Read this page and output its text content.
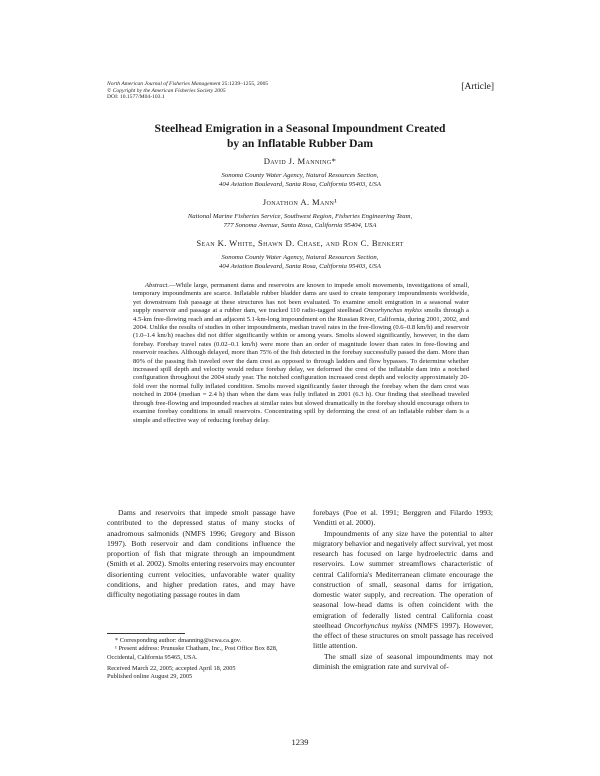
North American Journal of Fisheries Management 25:1239–1255, 2005
© Copyright by the American Fisheries Society 2005
DOI: 10.1577/M04-103.1
[Article]
Steelhead Emigration in a Seasonal Impoundment Created
by an Inflatable Rubber Dam
David J. Manning*
Sonoma County Water Agency, Natural Resources Section,
404 Aviation Boulevard, Santa Rosa, California 95403, USA
Jonathon A. Mann¹
National Marine Fisheries Service, Southwest Region, Fisheries Engineering Team,
777 Sonoma Avenue, Santa Rosa, California 95404, USA
Sean K. White, Shawn D. Chase, and Ron C. Benkert
Sonoma County Water Agency, Natural Resources Section,
404 Aviation Boulevard, Santa Rosa, California 95403, USA
Abstract.—While large, permanent dams and reservoirs are known to impede smolt movements, investigations of small, temporary impoundments are scarce. Inflatable rubber bladder dams are used to create temporary impoundments worldwide, yet downstream fish passage at these structures has not been evaluated. To examine smolt emigration in a seasonal water supply reservoir and passage at a rubber dam, we tracked 110 radio-tagged steelhead Oncorhynchus mykiss smolts through a 4.5-km free-flowing reach and an adjacent 5.1-km-long impoundment on the Russian River, California, during 2001, 2002, and 2004. Unlike the results of studies in other impoundments, median travel rates in the free-flowing (0.6–0.8 km/h) and reservoir (1.0–1.4 km/h) reaches did not differ significantly within or among years. Smolts slowed significantly, however, in the dam forebay. Forebay travel rates (0.02–0.1 km/h) were more than an order of magnitude lower than rates in free-flowing and reservoir reaches. Although delayed, more than 75% of the fish detected in the forebay successfully passed the dam. More than 80% of the passing fish traveled over the dam crest as opposed to through ladders and flow bypasses. To determine whether increased spill depth and velocity would reduce forebay delay, we deformed the crest of the inflatable dam into a notched configuration throughout the 2004 study year. The notched configuration increased crest depth and velocity approximately 20-fold over the normal fully inflated condition. Smolts moved significantly faster through the forebay when the dam crest was notched in 2004 (median = 2.4 h) than when the dam was fully inflated in 2001 (6.3 h). Our finding that steelhead traveled through free-flowing and impounded reaches at similar rates but slowed dramatically in the forebay should encourage others to examine forebay conditions in small reservoirs. Concentrating spill by deforming the crest of an inflatable rubber dam is a simple and effective way of reducing forebay delay.

Dams and reservoirs that impede smolt passage have contributed to the depressed status of many stocks of anadromous salmonids (NMFS 1996; Gregory and Bisson 1997). Both reservoir and dam conditions influence the proportion of fish that migrate through an impoundment (Smith et al. 2002). Smolts entering reservoirs may encounter disorienting current velocities, unfavorable water quality conditions, and higher predation rates, and may have difficulty negotiating passage routes in dam

forebays (Poe et al. 1991; Berggren and Filardo 1993; Venditti et al. 2000).

Impoundments of any size have the potential to alter migratory behavior and negatively affect survival, yet most research has focused on large hydroelectric dams and reservoirs. Low summer streamflows characteristic of central California's Mediterranean climate encourage the construction of small, seasonal dams for irrigation, domestic water supply, and recreation. The operation of seasonal low-head dams is often coincident with the emigration of federally listed central California coast steelhead Oncorhynchus mykiss (NMFS 1997). However, the effect of these structures on smolt passage has received little attention.

The small size of seasonal impoundments may not diminish the emigration rate and survival of-

* Corresponding author: dmanning@scwa.ca.gov.

¹ Present address: Prunuske Chatham, Inc., Post Office Box 828, Occidental, California 95465, USA.

Received March 22, 2005; accepted April 18, 2005

Published online August 29, 2005

1239
